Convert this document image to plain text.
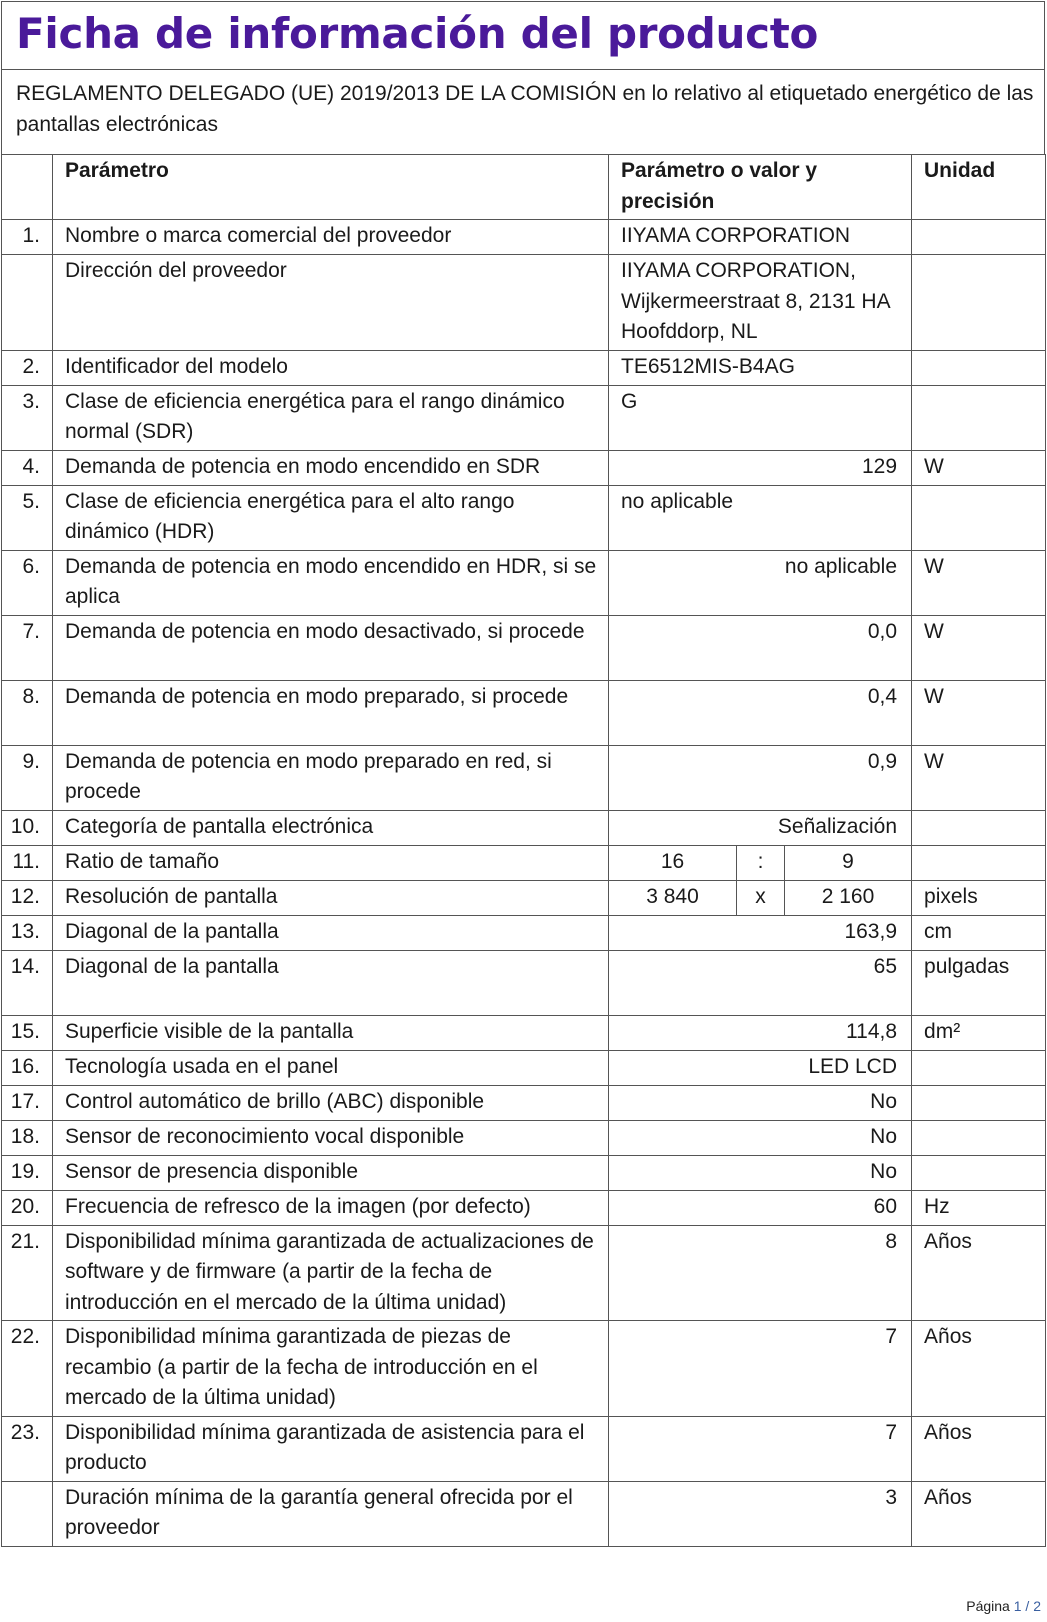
Ficha de información del producto
REGLAMENTO DELEGADO (UE) 2019/2013 DE LA COMISIÓN en lo relativo al etiquetado energético de las pantallas electrónicas
	Parámetro	Parámetro o valor y precisión			Unidad
1.	Nombre o marca comercial del proveedor	IIYAMA CORPORATION			
	Dirección del proveedor	IIYAMA CORPORATION, Wijkermeerstraat 8, 2131 HA Hoofddorp, NL			
2.	Identificador del modelo	TE6512MIS-B4AG			
3.	Clase de eficiencia energética para el rango dinámico normal (SDR)	G			
4.	Demanda de potencia en modo encendido en SDR	129			W
5.	Clase de eficiencia energética para el alto rango dinámico (HDR)	no aplicable			
6.	Demanda de potencia en modo encendido en HDR, si se aplica	no aplicable			W
7.	Demanda de potencia en modo desactivado, si procede	0,0			W
8.	Demanda de potencia en modo preparado, si procede	0,4			W
9.	Demanda de potencia en modo preparado en red, si procede	0,9			W
10.	Categoría de pantalla electrónica	Señalización			
11.	Ratio de tamaño	16	:	9	
12.	Resolución de pantalla	3 840	x	2 160	pixels
13.	Diagonal de la pantalla	163,9			cm
14.	Diagonal de la pantalla	65			pulgadas
15.	Superficie visible de la pantalla	114,8			dm²
16.	Tecnología usada en el panel	LED LCD			
17.	Control automático de brillo (ABC) disponible	No			
18.	Sensor de reconocimiento vocal disponible	No			
19.	Sensor de presencia disponible	No			
20.	Frecuencia de refresco de la imagen (por defecto)	60			Hz
21.	Disponibilidad mínima garantizada de actualizaciones de software y de firmware (a partir de la fecha de introducción en el mercado de la última unidad)	8			Años
22.	Disponibilidad mínima garantizada de piezas de recambio (a partir de la fecha de introducción en el mercado de la última unidad)	7			Años
23.	Disponibilidad mínima garantizada de asistencia para el producto	7			Años
	Duración mínima de la garantía general ofrecida por el proveedor	3			Años
Página 1 / 2
